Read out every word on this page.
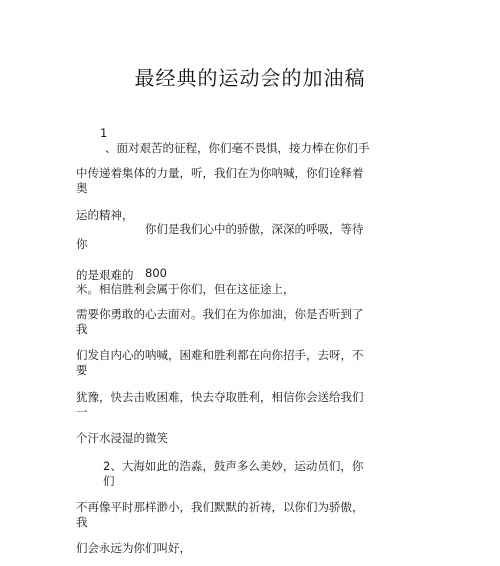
最经典的运动会的加油稿
1
、面对艰苦的征程，你们毫不畏惧，接力棒在你们手
中传递着集体的力量，听，我们在为你呐喊，你们诠释着
奥
运的精神，
你们是我们心中的骄傲，深深的呼吸，等待
你
的是艰难的 800
米。相信胜利会属于你们，但在这征途上，
需要你勇敢的心去面对。我们在为你加油，你是否听到了
我
们发自内心的呐喊，困难和胜利都在向你招手，去呀，不
要
犹豫，快去击败困难，快去夺取胜利，相信你会送给我们
一
个汗水浸湿的微笑
2、大海如此的浩淼，鼓声多么美妙，运动员们，你
们
不再像平时那样渺小，我们默默的祈祷，以你们为骄傲，
我
们会永远为你们叫好，
